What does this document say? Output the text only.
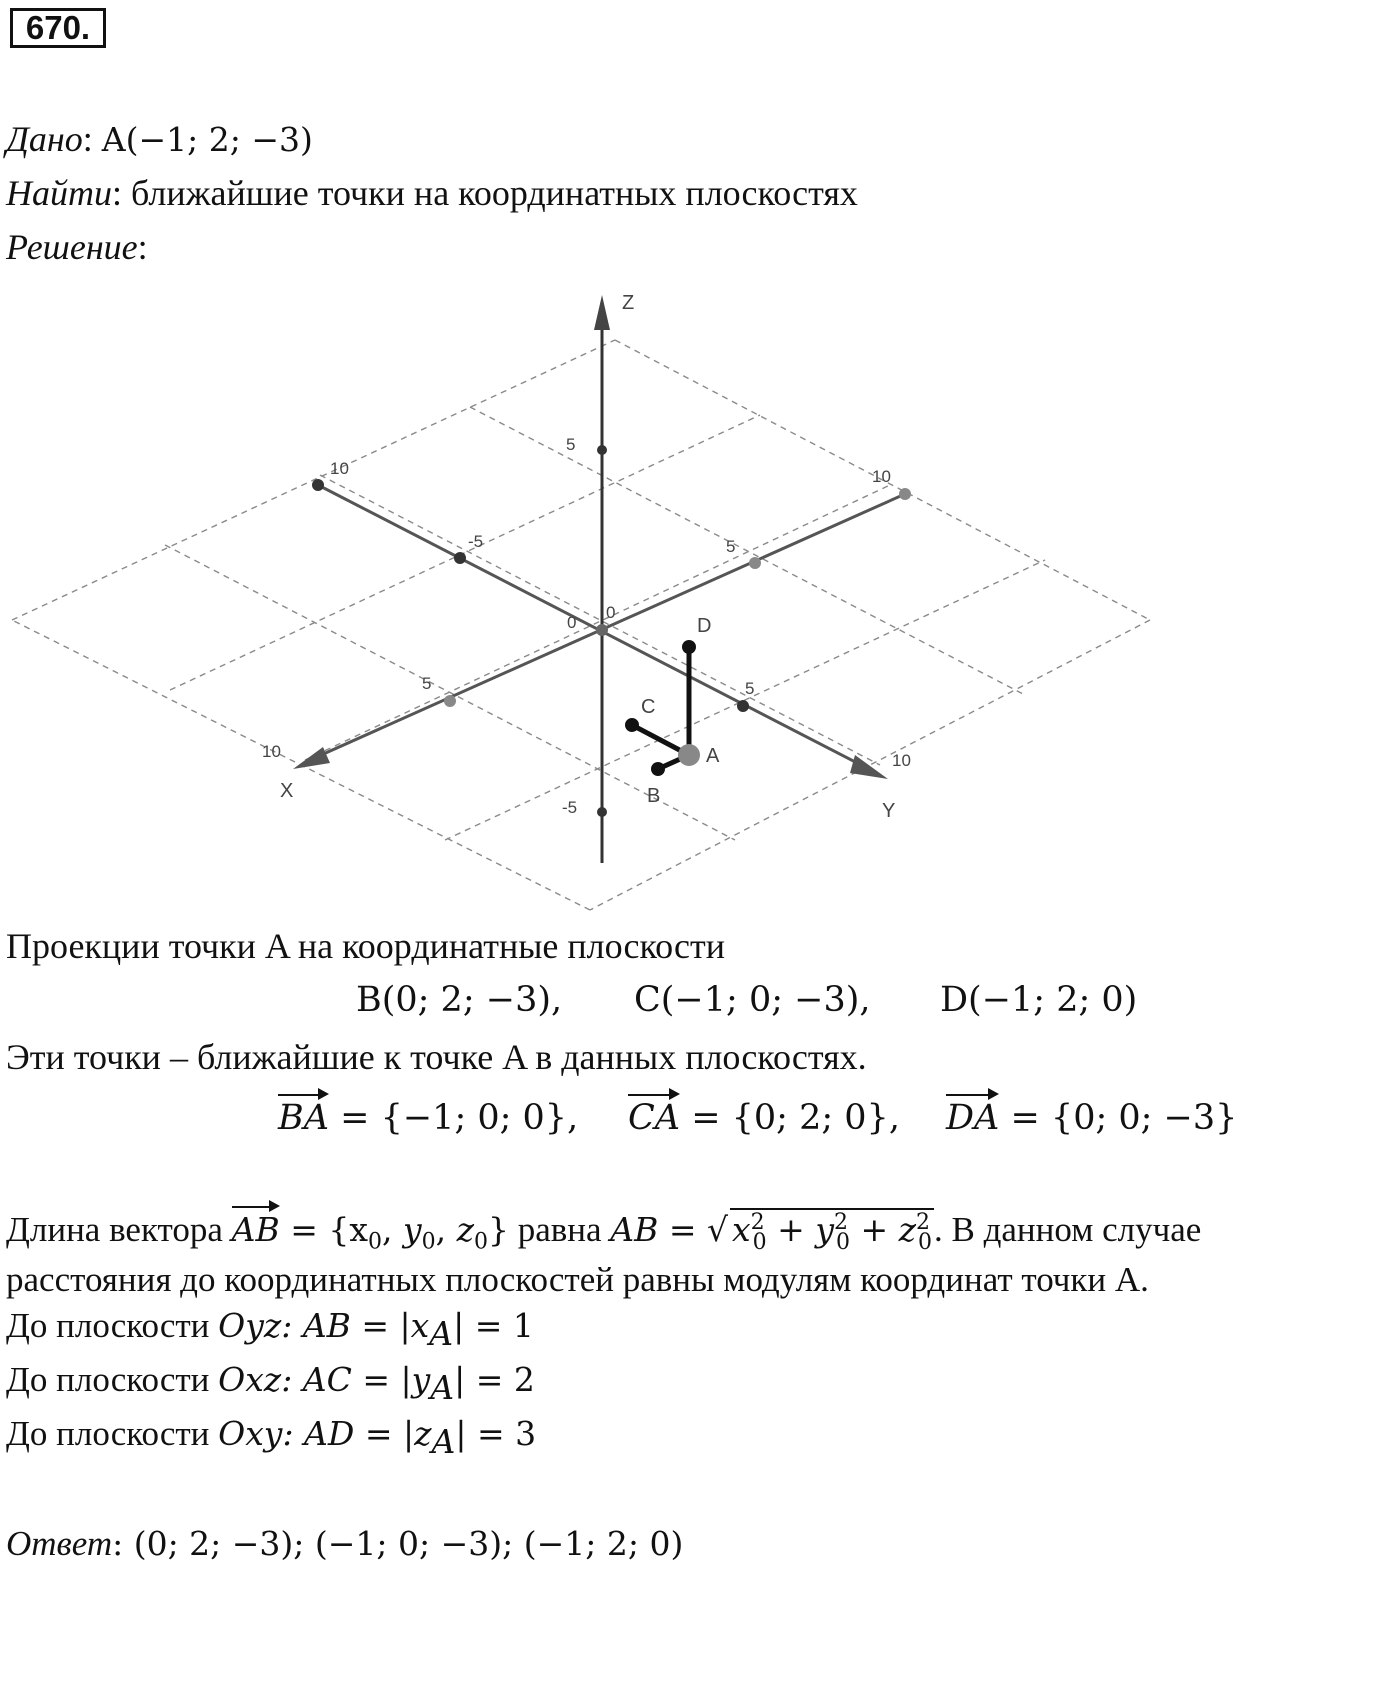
670.
Дано: A(−1; 2; −3)
Найти: ближайшие точки на координатных плоскостях
Решение:
Z
Y
X
5
-5
10
-5
5
10
10
5
5
10
0
0
A
B
C
D
Проекции точки A на координатные плоскости
B(0; 2; −3), C(−1; 0; −3), D(−1; 2; 0)
Эти точки – ближайшие к точке A в данных плоскостях.
BA = {−1; 0; 0}, CA = {0; 2; 0}, DA = {0; 0; −3}
Длина вектора AB = {$x_0$, $y_0$, $z_0$} равна AB = √ $x^2_0 + y^2_0 + z^2_0$. В данном случае
расстояния до координатных плоскостей равны модулям координат точки A.
До плоскости Oyz: AB = $|x_A| = 1$
До плоскости Oxz: AC = $|y_A| = 2$
До плоскости Oxy: AD = $|z_A| = 3$
Ответ: (0; 2; −3); (−1; 0; −3); (−1; 2; 0)
